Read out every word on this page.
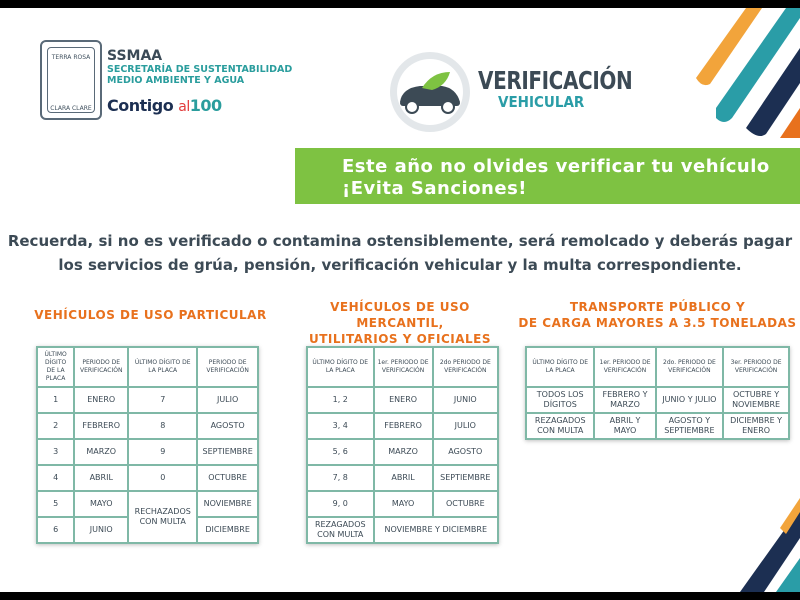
TERRA ROSA
CLARA CLARE
SSMAA
SECRETARÍA DE SUSTENTABILIDAD
MEDIO AMBIENTE Y AGUA
Contigo al100
VERIFICACIÓN
VEHICULAR
Este año no olvides verificar tu vehículo
¡Evita Sanciones!
Recuerda, si no es verificado o contamina ostensiblemente, será remolcado y deberás pagar
los servicios de grúa, pensión, verificación vehicular y la multa correspondiente.
VEHÍCULOS DE USO PARTICULAR
VEHÍCULOS DE USO MERCANTIL,
UTILITARIOS Y OFICIALES
TRANSPORTE PÚBLICO Y
DE CARGA MAYORES A 3.5 TONELADAS
ÚLTIMO DÍGITO DE LA PLACA	PERIODO DE VERIFICACIÓN	ÚLTIMO DÍGITO DE LA PLACA	PERIODO DE VERIFICACIÓN
1	ENERO	7	JULIO
2	FEBRERO	8	AGOSTO
3	MARZO	9	SEPTIEMBRE
4	ABRIL	0	OCTUBRE
5	MAYO	RECHAZADOS CON MULTA	NOVIEMBRE
6	JUNIO		DICIEMBRE
ÚLTIMO DÍGITO DE LA PLACA	1er. PERIODO DE VERIFICACIÓN	2do PERIODO DE VERIFICACIÓN
1, 2	ENERO	JUNIO
3, 4	FEBRERO	JULIO
5, 6	MARZO	AGOSTO
7, 8	ABRIL	SEPTIEMBRE
9, 0	MAYO	OCTUBRE
REZAGADOS CON MULTA	NOVIEMBRE Y DICIEMBRE	
ÚLTIMO DÍGITO DE LA PLACA	1er. PERIODO DE VERIFICACIÓN	2do. PERIODO DE VERIFICACIÓN	3er. PERIODO DE VERIFICACIÓN
TODOS LOS DÍGITOS	FEBRERO Y MARZO	JUNIO Y JULIO	OCTUBRE Y NOVIEMBRE
REZAGADOS CON MULTA	ABRIL Y MAYO	AGOSTO Y SEPTIEMBRE	DICIEMBRE Y ENERO
